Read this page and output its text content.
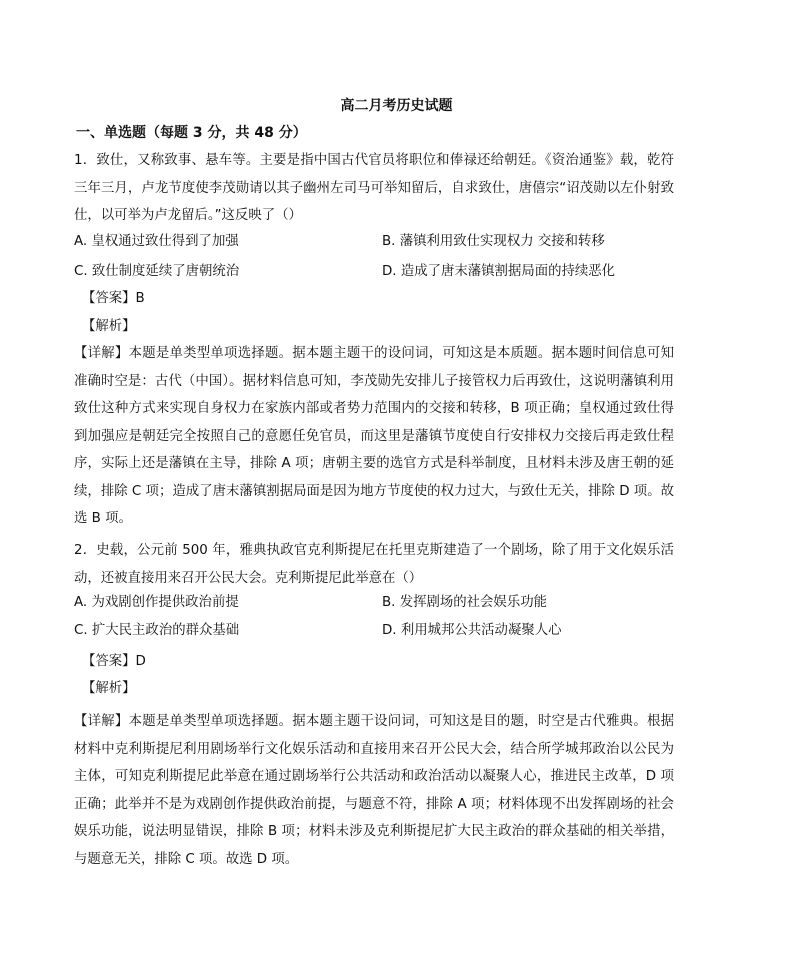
高二月考历史试题
一、单选题（每题 3 分，共 48 分）
1．致仕，又称致事、悬车等。主要是指中国古代官员将职位和俸禄还给朝廷。《资治通鉴》载，乾符三年三月，卢龙节度使李茂勋请以其子幽州左司马可举知留后，自求致仕，唐僖宗“诏茂勋以左仆射致仕，以可举为卢龙留后。”这反映了（）
A. 皇权通过致仕得到了加强	B. 藩镇利用致仕实现权力 交接和转移
C. 致仕制度延续了唐朝统治	D. 造成了唐末藩镇割据局面的持续恶化
【答案】B
【解析】
【详解】本题是单类型单项选择题。据本题主题干的设问词，可知这是本质题。据本题时间信息可知准确时空是：古代（中国）。据材料信息可知，李茂勋先安排儿子接管权力后再致仕，这说明藩镇利用致仕这种方式来实现自身权力在家族内部或者势力范围内的交接和转移，B 项正确；皇权通过致仕得到加强应是朝廷完全按照自己的意愿任免官员，而这里是藩镇节度使自行安排权力交接后再走致仕程序，实际上还是藩镇在主导，排除 A 项；唐朝主要的选官方式是科举制度，且材料未涉及唐王朝的延续，排除 C 项；造成了唐末藩镇割据局面是因为地方节度使的权力过大，与致仕无关，排除 D 项。故选 B 项。
2．史载，公元前 500 年，雅典执政官克利斯提尼在托里克斯建造了一个剧场，除了用于文化娱乐活动，还被直接用来召开公民大会。克利斯提尼此举意在（）
A. 为戏剧创作提供政治前提	B. 发挥剧场的社会娱乐功能
C. 扩大民主政治的群众基础	D. 利用城邦公共活动凝聚人心
【答案】D
【解析】
【详解】本题是单类型单项选择题。据本题主题干设问词，可知这是目的题，时空是古代雅典。根据材料中克利斯提尼利用剧场举行文化娱乐活动和直接用来召开公民大会，结合所学城邦政治以公民为主体，可知克利斯提尼此举意在通过剧场举行公共活动和政治活动以凝聚人心，推进民主改革，D 项正确；此举并不是为戏剧创作提供政治前提，与题意不符，排除 A 项；材料体现不出发挥剧场的社会娱乐功能，说法明显错误，排除 B 项；材料未涉及克利斯提尼扩大民主政治的群众基础的相关举措，与题意无关，排除 C 项。故选 D 项。
